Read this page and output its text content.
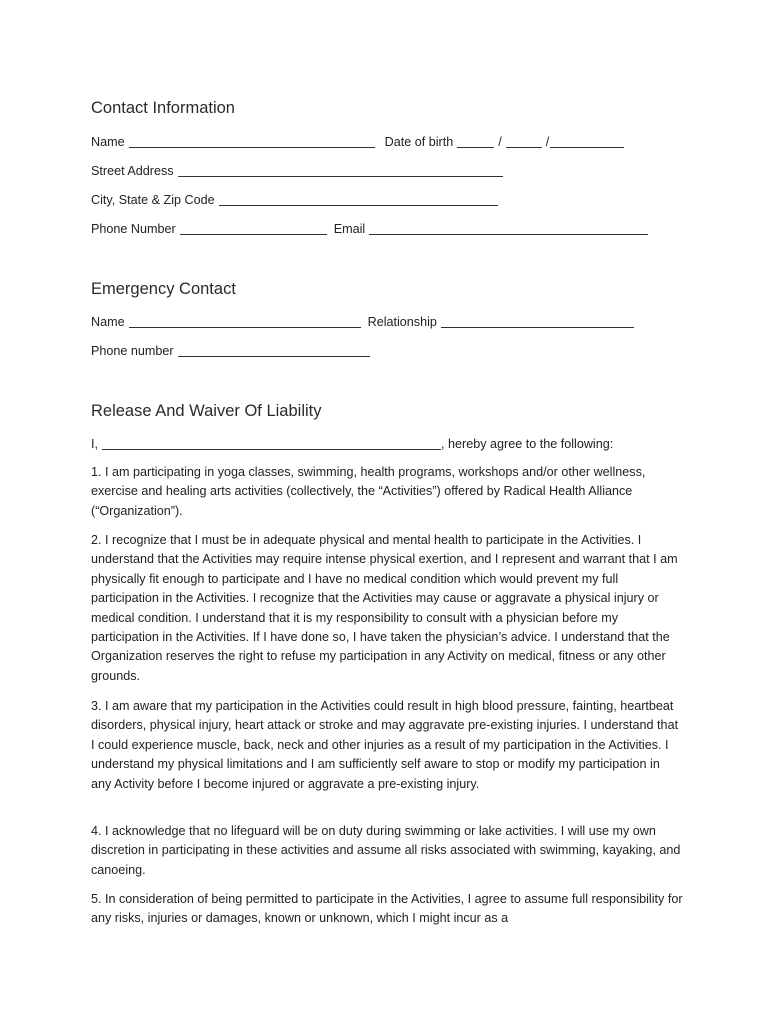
Contact Information
Name	Date of birth	/	/
Street Address
City, State & Zip Code
Phone Number	Email
Emergency Contact
Name	Relationship
Phone number
Release And Waiver Of Liability
I,	, hereby agree to the following:

1. I am participating in yoga classes, swimming, health programs, workshops and/or other wellness, exercise and healing arts activities (collectively, the “Activities”) offered by Radical Health Alliance (“Organization”).

2. I recognize that I must be in adequate physical and mental health to participate in the Activities. I understand that the Activities may require intense physical exertion, and I represent and warrant that I am physically fit enough to participate and I have no medical condition which would prevent my full participation in the Activities. I recognize that the Activities may cause or aggravate a physical injury or medical condition. I understand that it is my responsibility to consult with a physician before my participation in the Activities. If I have done so, I have taken the physician’s advice. I understand that the Organization reserves the right to refuse my participation in any Activity on medical, fitness or any other grounds.

3. I am aware that my participation in the Activities could result in high blood pressure, fainting, heartbeat disorders, physical injury, heart attack or stroke and may aggravate pre-existing injuries. I understand that I could experience muscle, back, neck and other injuries as a result of my participation in the Activities. I understand my physical limitations and I am sufficiently self aware to stop or modify my participation in any Activity before I become injured or aggravate a pre-existing injury.

4. I acknowledge that no lifeguard will be on duty during swimming or lake activities. I will use my own discretion in participating in these activities and assume all risks associated with swimming, kayaking, and canoeing.

5. In consideration of being permitted to participate in the Activities, I agree to assume full responsibility for any risks, injuries or damages, known or unknown, which I might incur as a
